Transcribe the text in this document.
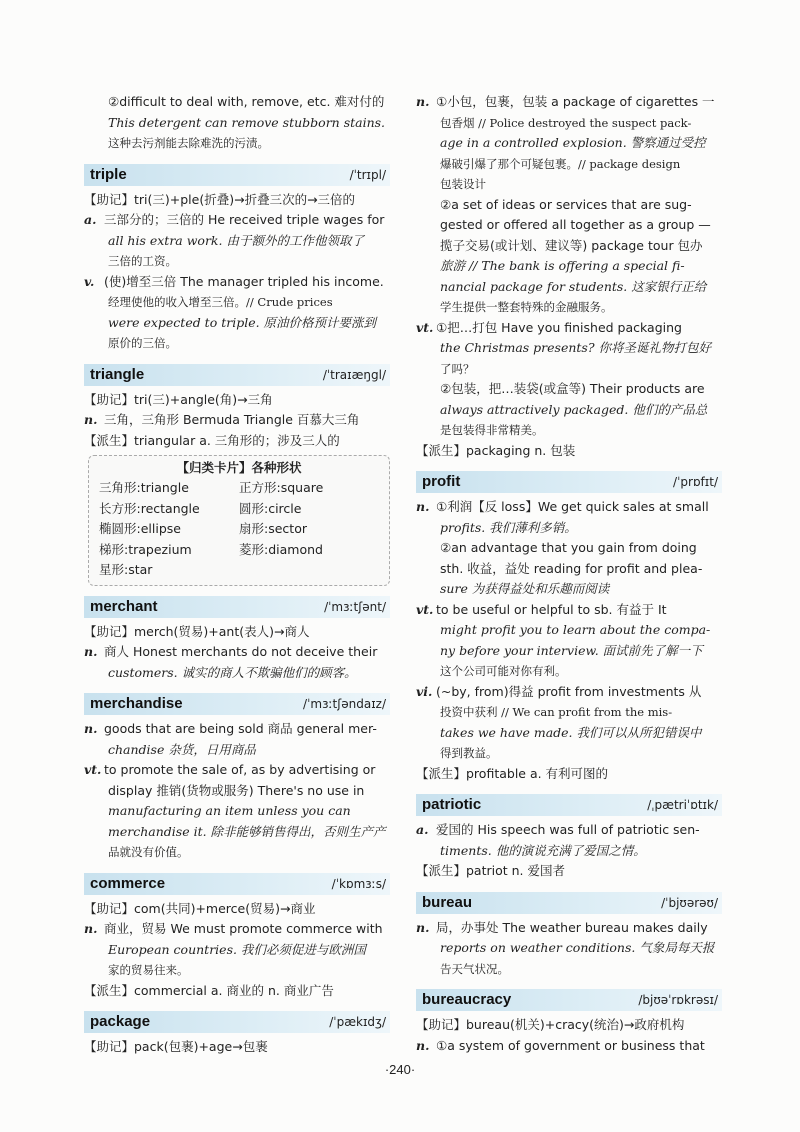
②difficult to deal with, remove, etc. 难对付的

This detergent can remove stubborn stains.

这种去污剂能去除难洗的污渍。

triple	/ˈtrɪpl/

【助记】tri(三)+ple(折叠)→折叠三次的→三倍的

a. 三部分的；三倍的 He received triple wages for

all his extra work. 由于额外的工作他领取了

三倍的工资。

v. (使)增至三倍 The manager tripled his income.

经理使他的收入增至三倍。// Crude prices

were expected to triple. 原油价格预计要涨到

原价的三倍。

triangle	/ˈtraɪæŋgl/

【助记】tri(三)+angle(角)→三角

n. 三角，三角形 Bermuda Triangle 百慕大三角

【派生】triangular a. 三角形的；涉及三人的

【归类卡片】各种形状
三角形:triangle	正方形:square
长方形:rectangle	圆形:circle
椭圆形:ellipse	扇形:sector
梯形:trapezium	菱形:diamond
星形:star
merchant	/ˈmɜːtʃənt/

【助记】merch(贸易)+ant(表人)→商人

n. 商人 Honest merchants do not deceive their

customers. 诚实的商人不欺骗他们的顾客。

merchandise	/ˈmɜːtʃəndaɪz/

n. goods that are being sold 商品 general mer-

chandise 杂货，日用商品

vt. to promote the sale of, as by advertising or

display 推销(货物或服务) There's no use in

manufacturing an item unless you can

merchandise it. 除非能够销售得出，否则生产产

品就没有价值。

commerce	/ˈkɒmɜːs/

【助记】com(共同)+merce(贸易)→商业

n. 商业，贸易 We must promote commerce with

European countries. 我们必须促进与欧洲国

家的贸易往来。

【派生】commercial a. 商业的 n. 商业广告

package	/ˈpækɪdʒ/

【助记】pack(包裹)+age→包裹

n. ①小包，包裹，包装 a package of cigarettes 一

包香烟 // Police destroyed the suspect pack-

age in a controlled explosion. 警察通过受控

爆破引爆了那个可疑包裹。// package design

包装设计

②a set of ideas or services that are sug-

gested or offered all together as a group —

揽子交易(或计划、建议等) package tour 包办

旅游 // The bank is offering a special fi-

nancial package for students. 这家银行正给

学生提供一整套特殊的金融服务。

vt. ①把…打包 Have you finished packaging

the Christmas presents? 你将圣诞礼物打包好

了吗？

②包装，把…装袋(或盒等) Their products are

always attractively packaged. 他们的产品总

是包装得非常精美。

【派生】packaging n. 包装

profit	/ˈprɒfɪt/

n. ①利润【反 loss】We get quick sales at small

profits. 我们薄利多销。

②an advantage that you gain from doing

sth. 收益，益处 reading for profit and plea-

sure 为获得益处和乐趣而阅读

vt. to be useful or helpful to sb. 有益于 It

might profit you to learn about the compa-

ny before your interview. 面试前先了解一下

这个公司可能对你有利。

vi. (~by, from)得益 profit from investments 从

投资中获利 // We can profit from the mis-

takes we have made. 我们可以从所犯错误中

得到教益。

【派生】profitable a. 有利可图的

patriotic	/ˌpætriˈɒtɪk/

a. 爱国的 His speech was full of patriotic sen-

timents. 他的演说充满了爱国之情。

【派生】patriot n. 爱国者

bureau	/ˈbjʊərəʊ/

n. 局，办事处 The weather bureau makes daily

reports on weather conditions. 气象局每天报

告天气状况。

bureaucracy	/bjʊəˈrɒkrəsɪ/

【助记】bureau(机关)+cracy(统治)→政府机构

n. ①a system of government or business that

·240·
